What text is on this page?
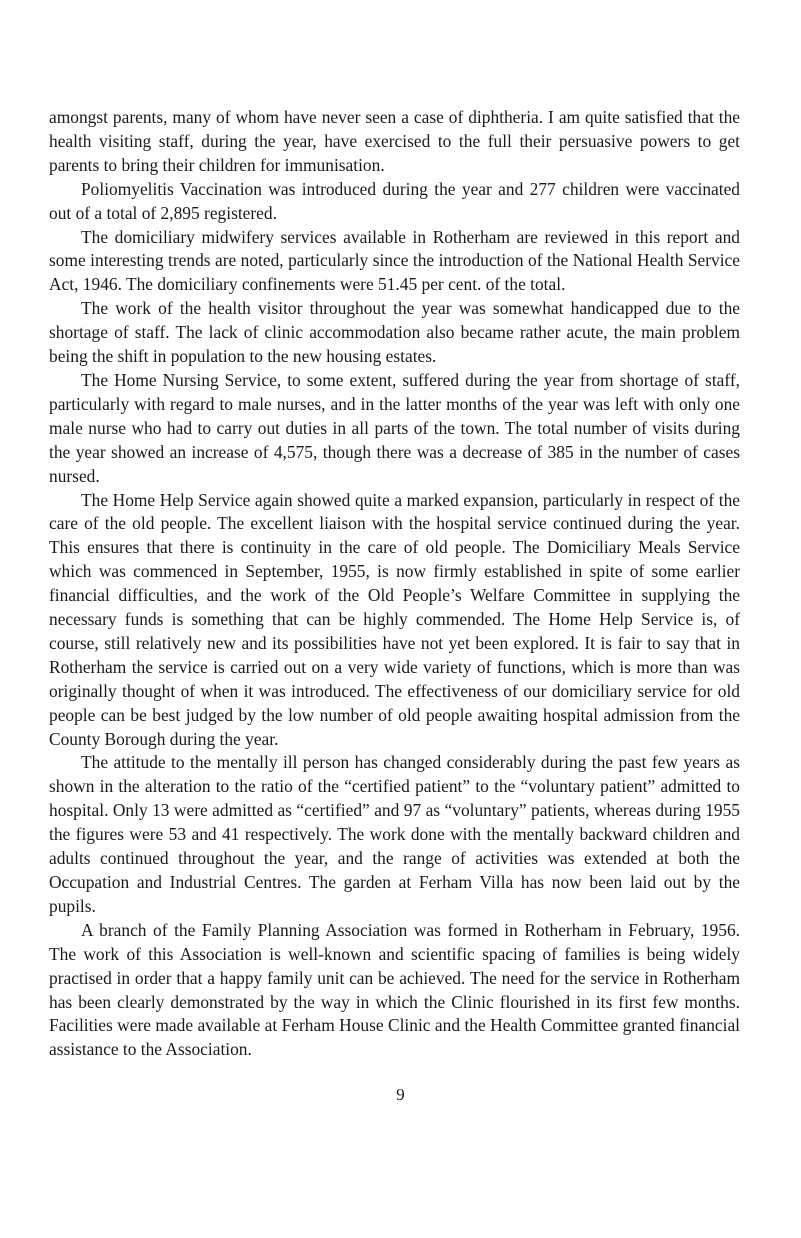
amongst parents, many of whom have never seen a case of diphtheria. I am quite satisfied that the health visiting staff, during the year, have exercised to the full their persuasive powers to get parents to bring their children for immunisation.

Poliomyelitis Vaccination was introduced during the year and 277 children were vaccinated out of a total of 2,895 registered.

The domiciliary midwifery services available in Rotherham are reviewed in this report and some interesting trends are noted, particularly since the introduction of the National Health Service Act, 1946. The domiciliary confinements were 51.45 per cent. of the total.

The work of the health visitor throughout the year was somewhat handicapped due to the shortage of staff. The lack of clinic accommodation also became rather acute, the main problem being the shift in population to the new housing estates.

The Home Nursing Service, to some extent, suffered during the year from shortage of staff, particularly with regard to male nurses, and in the latter months of the year was left with only one male nurse who had to carry out duties in all parts of the town. The total number of visits during the year showed an increase of 4,575, though there was a decrease of 385 in the number of cases nursed.

The Home Help Service again showed quite a marked expansion, particularly in respect of the care of the old people. The excellent liaison with the hospital service continued during the year. This ensures that there is continuity in the care of old people. The Domiciliary Meals Service which was commenced in September, 1955, is now firmly established in spite of some earlier financial difficulties, and the work of the Old People’s Welfare Committee in supplying the necessary funds is something that can be highly commended. The Home Help Service is, of course, still relatively new and its possibilities have not yet been explored. It is fair to say that in Rotherham the service is carried out on a very wide variety of functions, which is more than was originally thought of when it was introduced. The effectiveness of our domiciliary service for old people can be best judged by the low number of old people awaiting hospital admission from the County Borough during the year.

The attitude to the mentally ill person has changed considerably during the past few years as shown in the alteration to the ratio of the “certified patient” to the “voluntary patient” admitted to hospital. Only 13 were admitted as “certified” and 97 as “voluntary” patients, whereas during 1955 the figures were 53 and 41 respectively. The work done with the mentally backward children and adults continued throughout the year, and the range of activities was extended at both the Occupation and Industrial Centres. The garden at Ferham Villa has now been laid out by the pupils.

A branch of the Family Planning Association was formed in Rotherham in February, 1956. The work of this Association is well-known and scientific spacing of families is being widely practised in order that a happy family unit can be achieved. The need for the service in Rotherham has been clearly demonstrated by the way in which the Clinic flourished in its first few months. Facilities were made available at Ferham House Clinic and the Health Committee granted financial assistance to the Association.

9
